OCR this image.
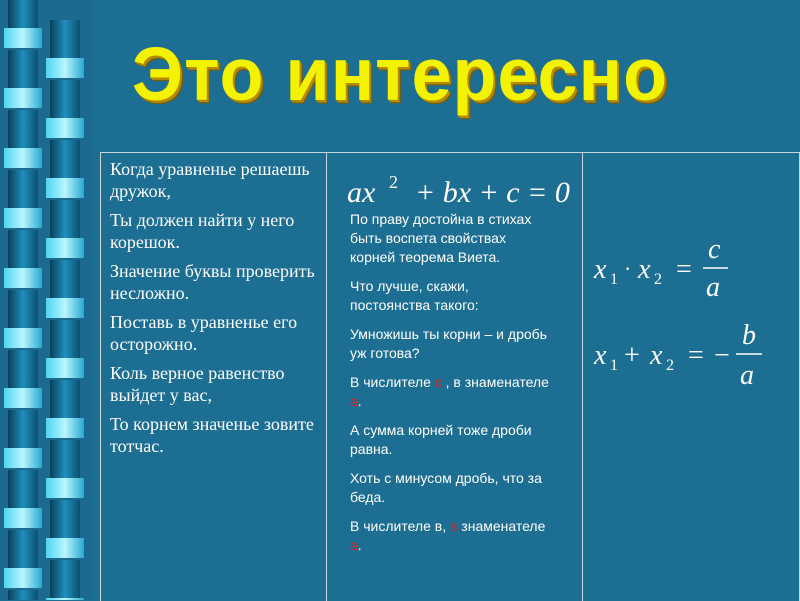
Это интересно

Когда уравненье решаешь дружок,

Ты должен найти у него корешок.

Значение буквы проверить несложно.

Поставь в уравненье его осторожно.

Коль верное равенство выйдет у вас,

То корнем значенье зовите тотчас.

ax 2 + bx + c = 0

По праву достойна в стихах быть воспета свойствах корней теорема Виета.

Что лучше, скажи, постоянства такого:

Умножишь ты корни – и дробь уж готова?

В числителе с , в знаменателе а.

А сумма корней тоже дроби равна.

Хоть с минусом дробь, что за беда.

В числителе в, в знаменателе а.

x 1 · x 2 =
c
a
x 1 + x 2 = −
b
a
